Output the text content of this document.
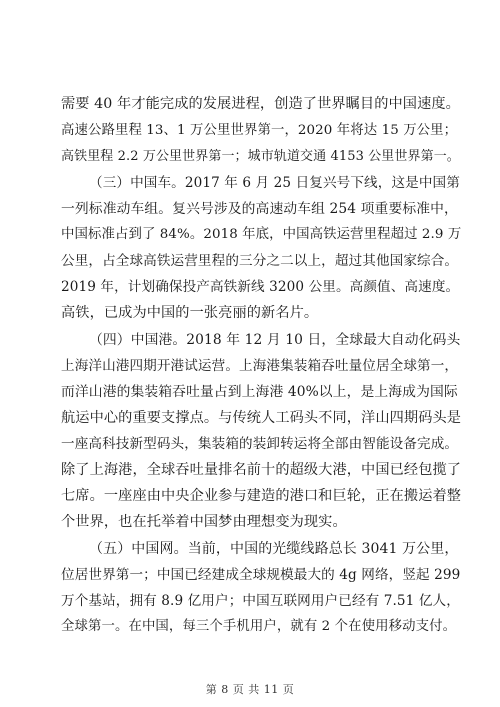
需要 40 年才能完成的发展进程，创造了世界瞩目的中国速度。
高速公路里程 13、1 万公里世界第一，2020 年将达 15 万公里；
高铁里程 2.2 万公里世界第一；城市轨道交通 4153 公里世界第一。
（三）中国车。2017 年 6 月 25 日复兴号下线，这是中国第
一列标准动车组。复兴号涉及的高速动车组 254 项重要标准中，
中国标准占到了 84%。2018 年底，中国高铁运营里程超过 2.9 万
公里，占全球高铁运营里程的三分之二以上，超过其他国家综合。
2019 年，计划确保投产高铁新线 3200 公里。高颜值、高速度。
高铁，已成为中国的一张亮丽的新名片。
（四）中国港。2018 年 12 月 10 日，全球最大自动化码头
上海洋山港四期开港试运营。上海港集装箱吞吐量位居全球第一，
而洋山港的集装箱吞吐量占到上海港 40%以上，是上海成为国际
航运中心的重要支撑点。与传统人工码头不同，洋山四期码头是
一座高科技新型码头，集装箱的装卸转运将全部由智能设备完成。
除了上海港，全球吞吐量排名前十的超级大港，中国已经包揽了
七席。一座座由中央企业参与建造的港口和巨轮，正在搬运着整
个世界，也在托举着中国梦由理想变为现实。
（五）中国网。当前，中国的光缆线路总长 3041 万公里，
位居世界第一；中国已经建成全球规模最大的 4g 网络，竖起 299
万个基站，拥有 8.9 亿用户；中国互联网用户已经有 7.51 亿人，
全球第一。在中国，每三个手机用户，就有 2 个在使用移动支付。
第 8 页 共 11 页
